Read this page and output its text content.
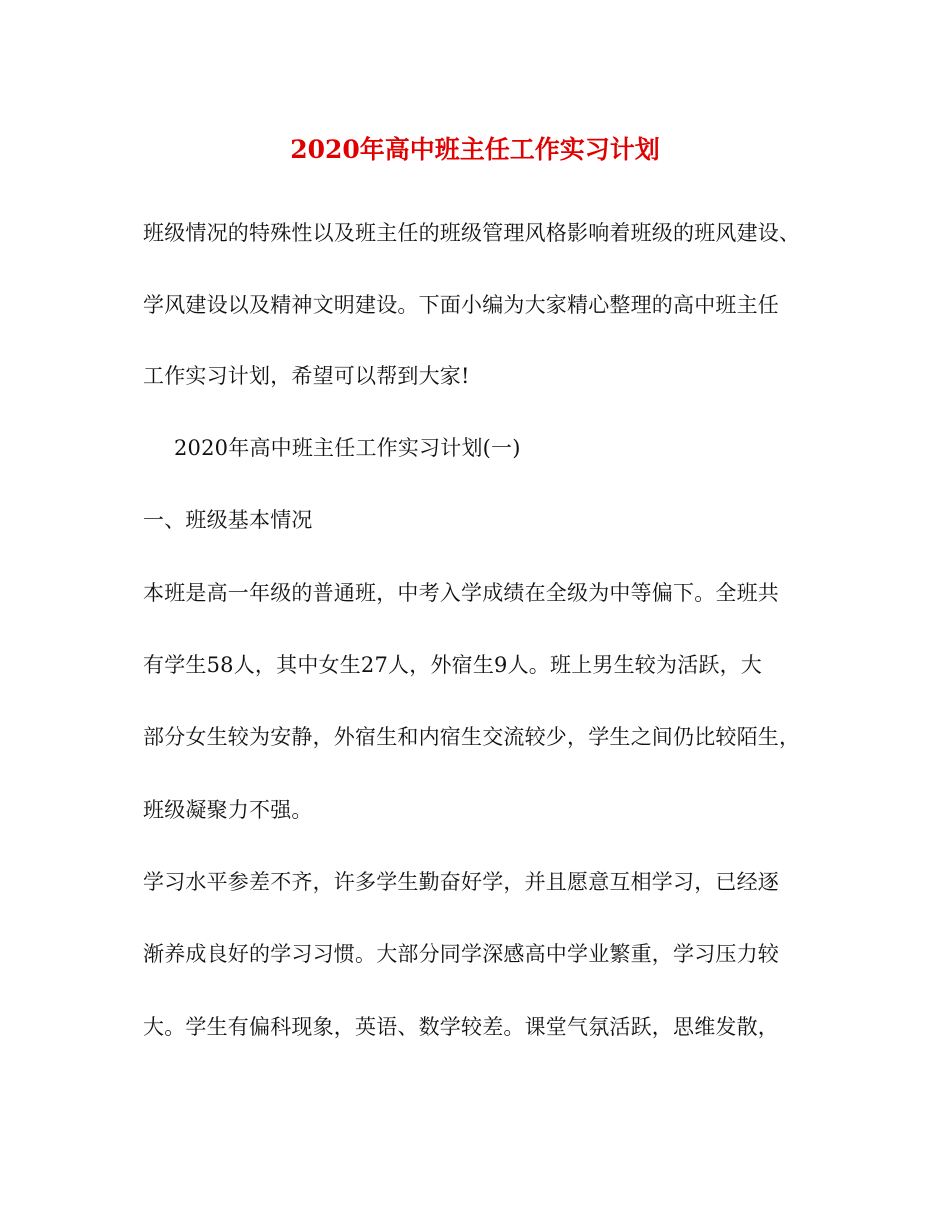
2020年高中班主任工作实习计划
班级情况的特殊性以及班主任的班级管理风格影响着班级的班风建设、
学风建设以及精神文明建设。下面小编为大家精心整理的高中班主任
工作实习计划，希望可以帮到大家!
2020年高中班主任工作实习计划(一)
一、班级基本情况
本班是高一年级的普通班，中考入学成绩在全级为中等偏下。全班共
有学生58人，其中女生27人，外宿生9人。班上男生较为活跃，大
部分女生较为安静，外宿生和内宿生交流较少，学生之间仍比较陌生，
班级凝聚力不强。
学习水平参差不齐，许多学生勤奋好学，并且愿意互相学习，已经逐
渐养成良好的学习习惯。大部分同学深感高中学业繁重，学习压力较
大。学生有偏科现象，英语、数学较差。课堂气氛活跃，思维发散，
